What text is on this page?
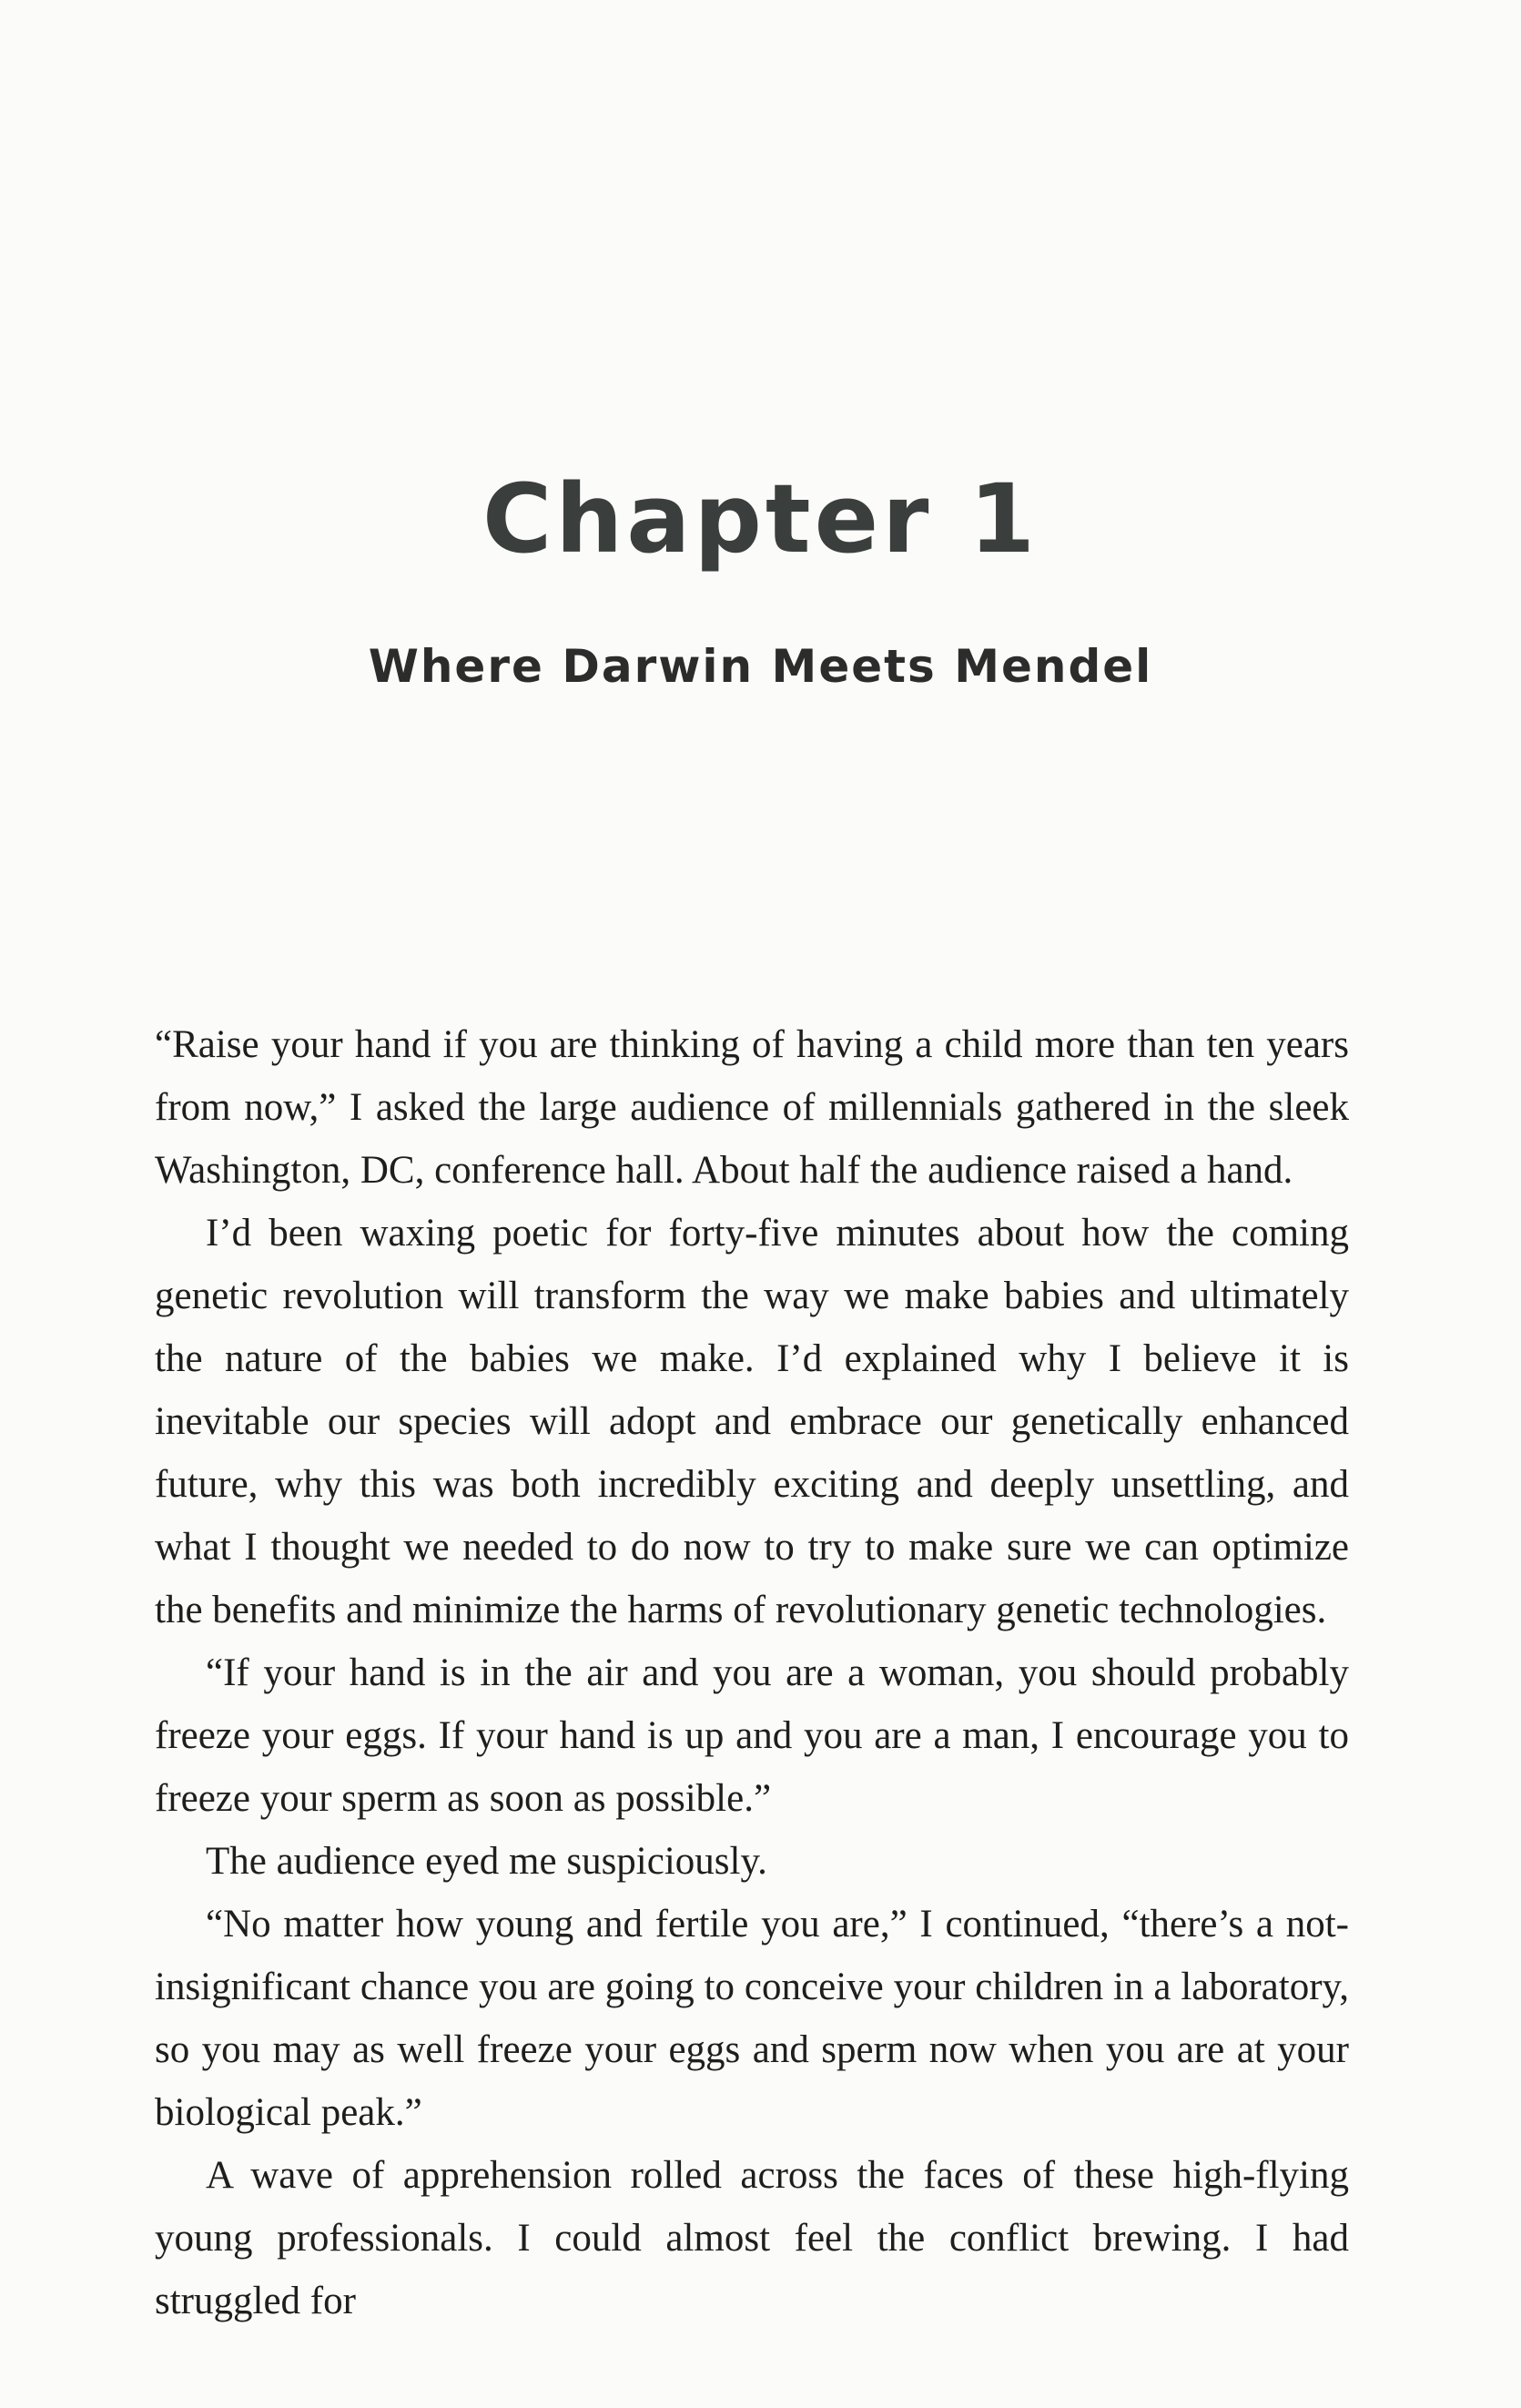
Chapter 1
Where Darwin Meets Mendel

“Raise your hand if you are thinking of having a child more than ten years from now,” I asked the large audience of millennials gathered in the sleek Washington, DC, conference hall. About half the audience raised a hand.

I’d been waxing poetic for forty-five minutes about how the coming genetic revolution will transform the way we make babies and ultimately the nature of the babies we make. I’d explained why I believe it is inevitable our species will adopt and embrace our genetically enhanced future, why this was both incredibly exciting and deeply unsettling, and what I thought we needed to do now to try to make sure we can optimize the benefits and minimize the harms of revolutionary genetic technologies.

“If your hand is in the air and you are a woman, you should probably freeze your eggs. If your hand is up and you are a man, I encourage you to freeze your sperm as soon as possible.”

The audience eyed me suspiciously.

“No matter how young and fertile you are,” I continued, “there’s a not-insignificant chance you are going to conceive your children in a laboratory, so you may as well freeze your eggs and sperm now when you are at your biological peak.”

A wave of apprehension rolled across the faces of these high-flying young professionals. I could almost feel the conflict brewing. I had struggled for
